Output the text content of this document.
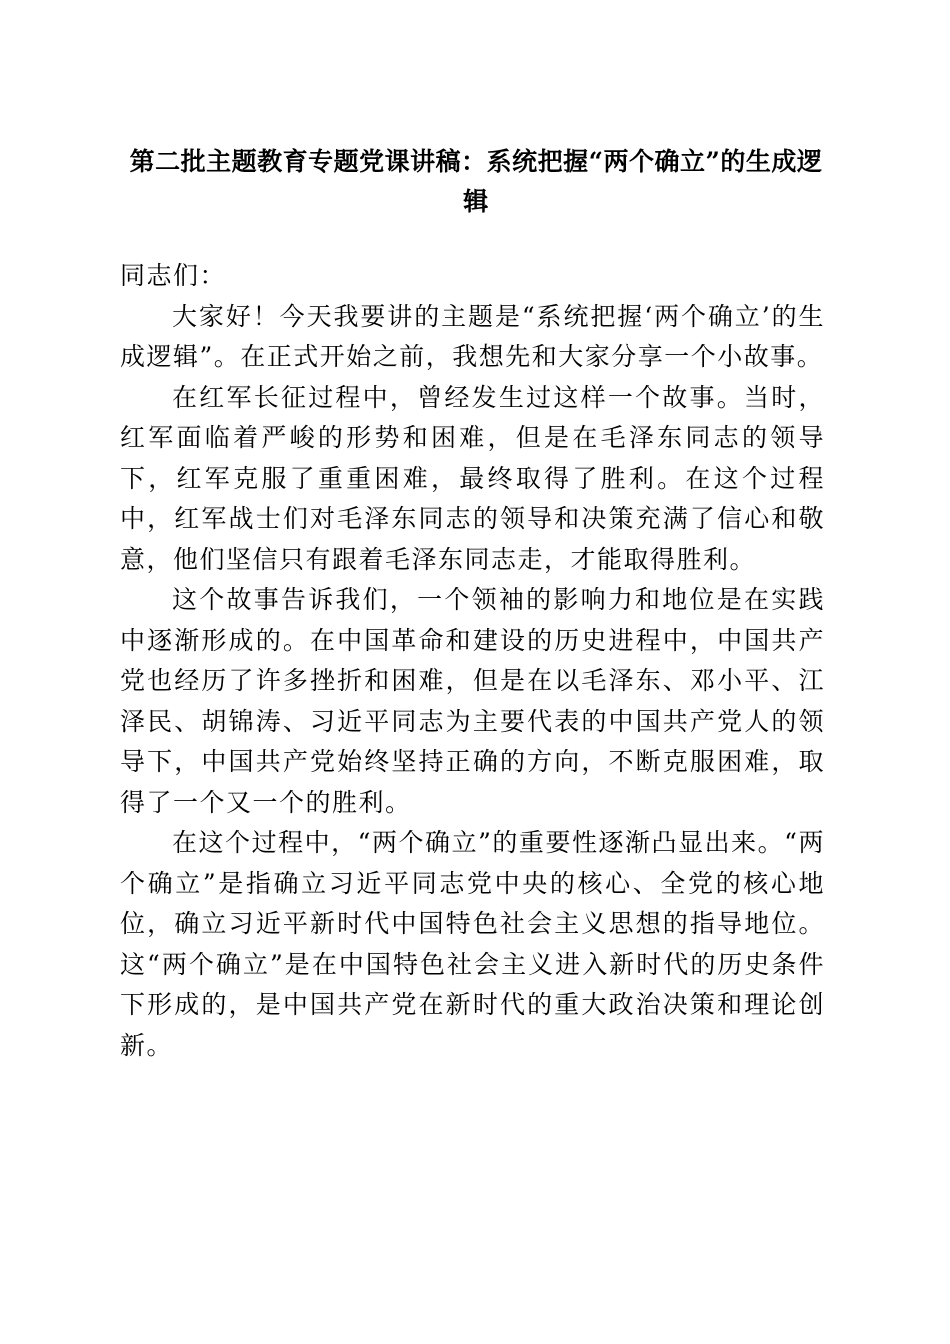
第二批主题教育专题党课讲稿：系统把握“两个确立”的生成逻辑

同志们：

大家好！今天我要讲的主题是“系统把握‘两个确立’的生成逻辑”。在正式开始之前，我想先和大家分享一个小故事。

在红军长征过程中，曾经发生过这样一个故事。当时，红军面临着严峻的形势和困难，但是在毛泽东同志的领导下，红军克服了重重困难，最终取得了胜利。在这个过程中，红军战士们对毛泽东同志的领导和决策充满了信心和敬意，他们坚信只有跟着毛泽东同志走，才能取得胜利。

这个故事告诉我们，一个领袖的影响力和地位是在实践中逐渐形成的。在中国革命和建设的历史进程中，中国共产党也经历了许多挫折和困难，但是在以毛泽东、邓小平、江泽民、胡锦涛、习近平同志为主要代表的中国共产党人的领导下，中国共产党始终坚持正确的方向，不断克服困难，取得了一个又一个的胜利。

在这个过程中，“两个确立”的重要性逐渐凸显出来。“两个确立”是指确立习近平同志党中央的核心、全党的核心地位，确立习近平新时代中国特色社会主义思想的指导地位。这“两个确立”是在中国特色社会主义进入新时代的历史条件下形成的，是中国共产党在新时代的重大政治决策和理论创新。
